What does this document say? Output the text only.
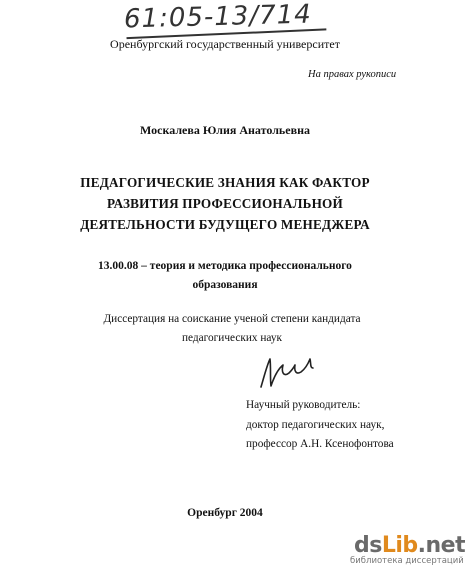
61:05-13/714
Оренбургский государственный университет
На правах рукописи
Москалева Юлия Анатольевна
ПЕДАГОГИЧЕСКИЕ ЗНАНИЯ КАК ФАКТОР
РАЗВИТИЯ ПРОФЕССИОНАЛЬНОЙ
ДЕЯТЕЛЬНОСТИ БУДУЩЕГО МЕНЕДЖЕРА
13.00.08 – теория и методика профессионального
образования
Диссертация на соискание ученой степени кандидата
педагогических наук
Научный руководитель:
доктор педагогических наук,
профессор А.Н. Ксенофонтова
Оренбург 2004
dsLib.net
библиотека диссертаций
